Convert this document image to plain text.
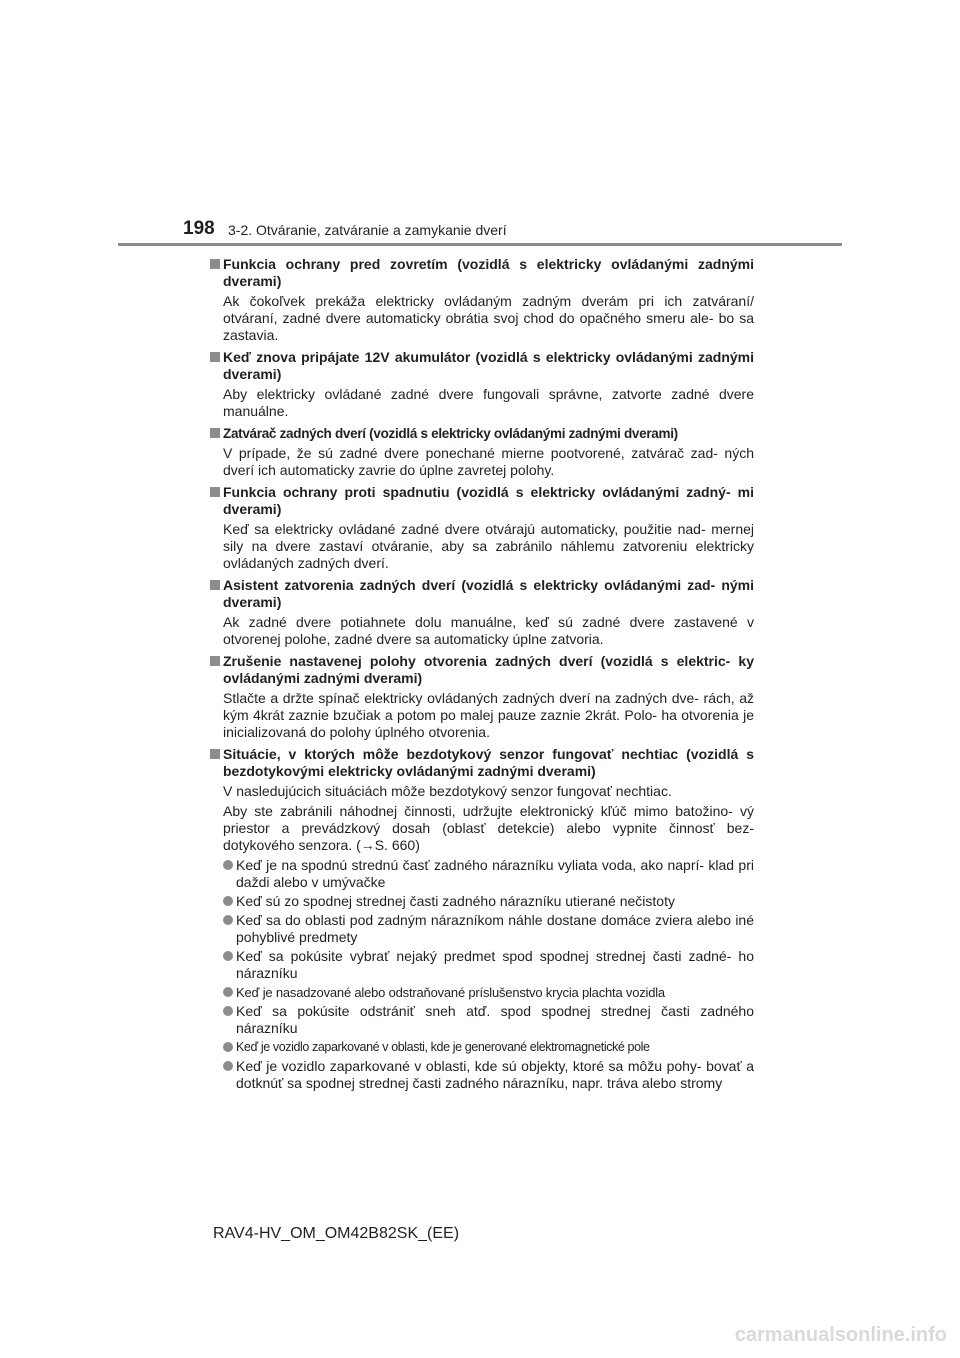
198 3-2. Otváranie, zatváranie a zamykanie dverí
Funkcia ochrany pred zovretím (vozidlá s elektricky ovládanými zadnými dverami)
Ak čokoľvek prekáža elektricky ovládaným zadným dverám pri ich zatváraní/ otváraní, zadné dvere automaticky obrátia svoj chod do opačného smeru ale- bo sa zastavia.
Keď znova pripájate 12V akumulátor (vozidlá s elektricky ovládanými zadnými dverami)
Aby elektricky ovládané zadné dvere fungovali správne, zatvorte zadné dvere manuálne.
Zatvárač zadných dverí (vozidlá s elektricky ovládanými zadnými dverami)
V prípade, že sú zadné dvere ponechané mierne pootvorené, zatvárač zad- ných dverí ich automaticky zavrie do úplne zavretej polohy.
Funkcia ochrany proti spadnutiu (vozidlá s elektricky ovládanými zadný- mi dverami)
Keď sa elektricky ovládané zadné dvere otvárajú automaticky, použitie nad- mernej sily na dvere zastaví otváranie, aby sa zabránilo náhlemu zatvoreniu elektricky ovládaných zadných dverí.
Asistent zatvorenia zadných dverí (vozidlá s elektricky ovládanými zad- nými dverami)
Ak zadné dvere potiahnete dolu manuálne, keď sú zadné dvere zastavené v otvorenej polohe, zadné dvere sa automaticky úplne zatvoria.
Zrušenie nastavenej polohy otvorenia zadných dverí (vozidlá s elektric- ky ovládanými zadnými dverami)
Stlačte a držte spínač elektricky ovládaných zadných dverí na zadných dve- rách, až kým 4krát zaznie bzučiak a potom po malej pauze zaznie 2krát. Polo- ha otvorenia je inicializovaná do polohy úplného otvorenia.
Situácie, v ktorých môže bezdotykový senzor fungovať nechtiac (vozidlá s bezdotykovými elektricky ovládanými zadnými dverami)
V nasledujúcich situáciách môže bezdotykový senzor fungovať nechtiac.
Aby ste zabránili náhodnej činnosti, udržujte elektronický kľúč mimo batožino- vý priestor a prevádzkový dosah (oblasť detekcie) alebo vypnite činnosť bez- dotykového senzora. (→S. 660)
Keď je na spodnú strednú časť zadného nárazníku vyliata voda, ako naprí- klad pri daždi alebo v umývačke
Keď sú zo spodnej strednej časti zadného nárazníku utierané nečistoty
Keď sa do oblasti pod zadným nárazníkom náhle dostane domáce zviera alebo iné pohyblivé predmety
Keď sa pokúsite vybrať nejaký predmet spod spodnej strednej časti zadné- ho nárazníku
Keď je nasadzované alebo odstraňované príslušenstvo krycia plachta vozidla
Keď sa pokúsite odstrániť sneh atď. spod spodnej strednej časti zadného nárazníku
Keď je vozidlo zaparkované v oblasti, kde je generované elektromagnetické pole
Keď je vozidlo zaparkované v oblasti, kde sú objekty, ktoré sa môžu pohy- bovať a dotknúť sa spodnej strednej časti zadného nárazníku, napr. tráva alebo stromy
RAV4-HV_OM_OM42B82SK_(EE)
carmanualsonline.info
